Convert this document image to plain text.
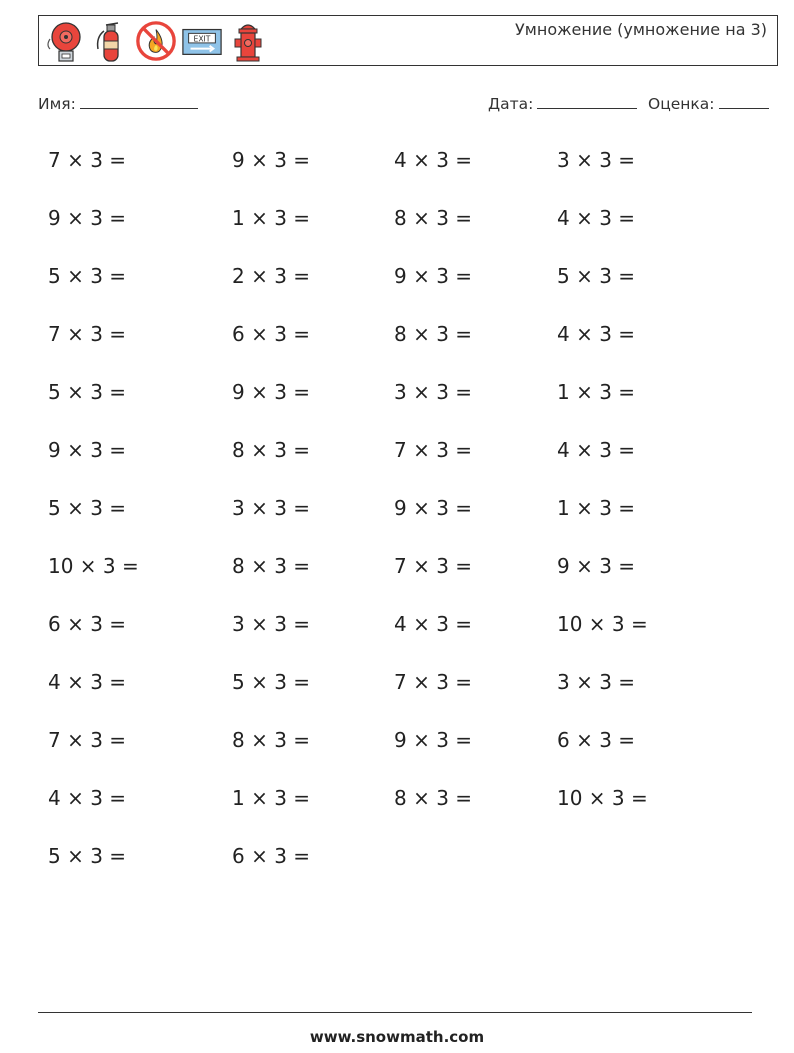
EXIT	Умножение (умножение на 3)
Имя:	Дата:	Оценка:
7 × 3 =	9 × 3 =	4 × 3 =	3 × 3 =
9 × 3 =	1 × 3 =	8 × 3 =	4 × 3 =
5 × 3 =	2 × 3 =	9 × 3 =	5 × 3 =
7 × 3 =	6 × 3 =	8 × 3 =	4 × 3 =
5 × 3 =	9 × 3 =	3 × 3 =	1 × 3 =
9 × 3 =	8 × 3 =	7 × 3 =	4 × 3 =
5 × 3 =	3 × 3 =	9 × 3 =	1 × 3 =
10 × 3 =	8 × 3 =	7 × 3 =	9 × 3 =
6 × 3 =	3 × 3 =	4 × 3 =	10 × 3 =
4 × 3 =	5 × 3 =	7 × 3 =	3 × 3 =
7 × 3 =	8 × 3 =	9 × 3 =	6 × 3 =
4 × 3 =	1 × 3 =	8 × 3 =	10 × 3 =
5 × 3 =	6 × 3 =
www.snowmath.com
